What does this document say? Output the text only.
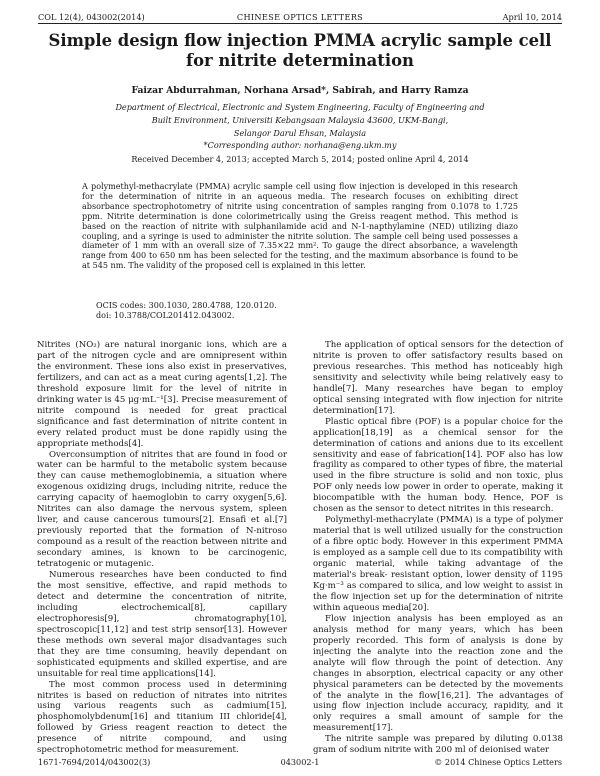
COL 12(4), 043002(2014)	CHINESE OPTICS LETTERS	April 10, 2014
Simple design flow injection PMMA acrylic sample cell for nitrite determination
Faizar Abdurrahman, Norhana Arsad*, Sabirah, and Harry Ramza
Department of Electrical, Electronic and System Engineering, Faculty of Engineering and
Built Environment, Universiti Kebangsaan Malaysia 43600, UKM-Bangi,
Selangor Darul Ehsan, Malaysia
*Corresponding author: norhana@eng.ukm.my
Received December 4, 2013; accepted March 5, 2014; posted online April 4, 2014
A polymethyl-methacrylate (PMMA) acrylic sample cell using flow injection is developed in this research for the determination of nitrite in an aqueous media. The research focuses on exhibiting direct absorbance spectrophotometry of nitrite using concentration of samples ranging from 0.1078 to 1.725 ppm. Nitrite determination is done colorimetrically using the Greiss reagent method. This method is based on the reaction of nitrite with sulphanilamide acid and N-1-napthylamine (NED) utilizing diazo coupling, and a syringe is used to administer the nitrite solution. The sample cell being used possesses a diameter of 1 mm with an overall size of 7.35×22 mm². To gauge the direct absorbance, a wavelength range from 400 to 650 nm has been selected for the testing, and the maximum absorbance is found to be at 545 nm. The validity of the proposed cell is explained in this letter.
OCIS codes: 300.1030, 280.4788, 120.0120.
doi: 10.3788/COL201412.043002.

Nitrites (NO₂) are natural inorganic ions, which are a part of the nitrogen cycle and are omnipresent within the environment. These ions also exist in preservatives, fertilizers, and can act as a meat curing agents[1,2]. The threshold exposure limit for the level of nitrite in drinking water is 45 μg·mL⁻¹[3]. Precise measurement of nitrite compound is needed for great practical significance and fast determination of nitrite content in every related product must be done rapidly using the appropriate methods[4].

Overconsumption of nitrites that are found in food or water can be harmful to the metabolic system because they can cause methemoglobinemia, a situation where exogenous oxidizing drugs, including nitrite, reduce the carrying capacity of haemoglobin to carry oxygen[5,6]. Nitrites can also damage the nervous system, spleen liver, and cause cancerous tumours[2]. Ensafi et al.[7] previously reported that the formation of N-nitroso compound as a result of the reaction between nitrite and secondary amines, is known to be carcinogenic, tetratogenic or mutagenic.

Numerous researches have been conducted to find the most sensitive, effective, and rapid methods to detect and determine the concentration of nitrite, including electrochemical[8], capillary electrophoresis[9], chromatography[10], spectroscopic[11,12] and test strip sensor[13]. However these methods own several major disadvantages such that they are time consuming, heavily dependant on sophisticated equipments and skilled expertise, and are unsuitable for real time applications[14].

The most common process used in determining nitrites is based on reduction of nitrates into nitrites using various reagents such as cadmium[15], phosphomolybdenum[16] and titanium III chloride[4], followed by Griess reagent reaction to detect the presence of nitrite compound, and using spectrophotometric method for measurement.

The application of optical sensors for the detection of nitrite is proven to offer satisfactory results based on previous researches. This method has noticeably high sensitivity and selectivity while being relatively easy to handle[7]. Many researches have began to employ optical sensing integrated with flow injection for nitrite determination[17].

Plastic optical fibre (POF) is a popular choice for the application[18,19] as a chemical sensor for the determination of cations and anions due to its excellent sensitivity and ease of fabrication[14]. POF also has low fragility as compared to other types of fibre, the material used in the fibre structure is solid and non toxic, plus POF only needs low power in order to operate, making it biocompatible with the human body. Hence, POF is chosen as the sensor to detect nitrites in this research.

Polymethyl-methacrylate (PMMA) is a type of polymer material that is well utilized usually for the construction of a fibre optic body. However in this experiment PMMA is employed as a sample cell due to its compatibility with organic material, while taking advantage of the material's break- resistant option, lower density of 1195 Kg·m⁻³ as compared to silica, and low weight to assist in the flow injection set up for the determination of nitrite within aqueous media[20].

Flow injection analysis has been employed as an analysis method for many years, which has been properly recorded. This form of analysis is done by injecting the analyte into the reaction zone and the analyte will flow through the point of detection. Any changes in absorption, electrical capacity or any other physical parameters can be detected by the movements of the analyte in the flow[16,21]. The advantages of using flow injection include accuracy, rapidity, and it only requires a small amount of sample for the measurement[17].

The nitrite sample was prepared by diluting 0.0138 gram of sodium nitrite with 200 ml of deionised water

1671-7694/2014/043002(3)	043002-1	© 2014 Chinese Optics Letters
